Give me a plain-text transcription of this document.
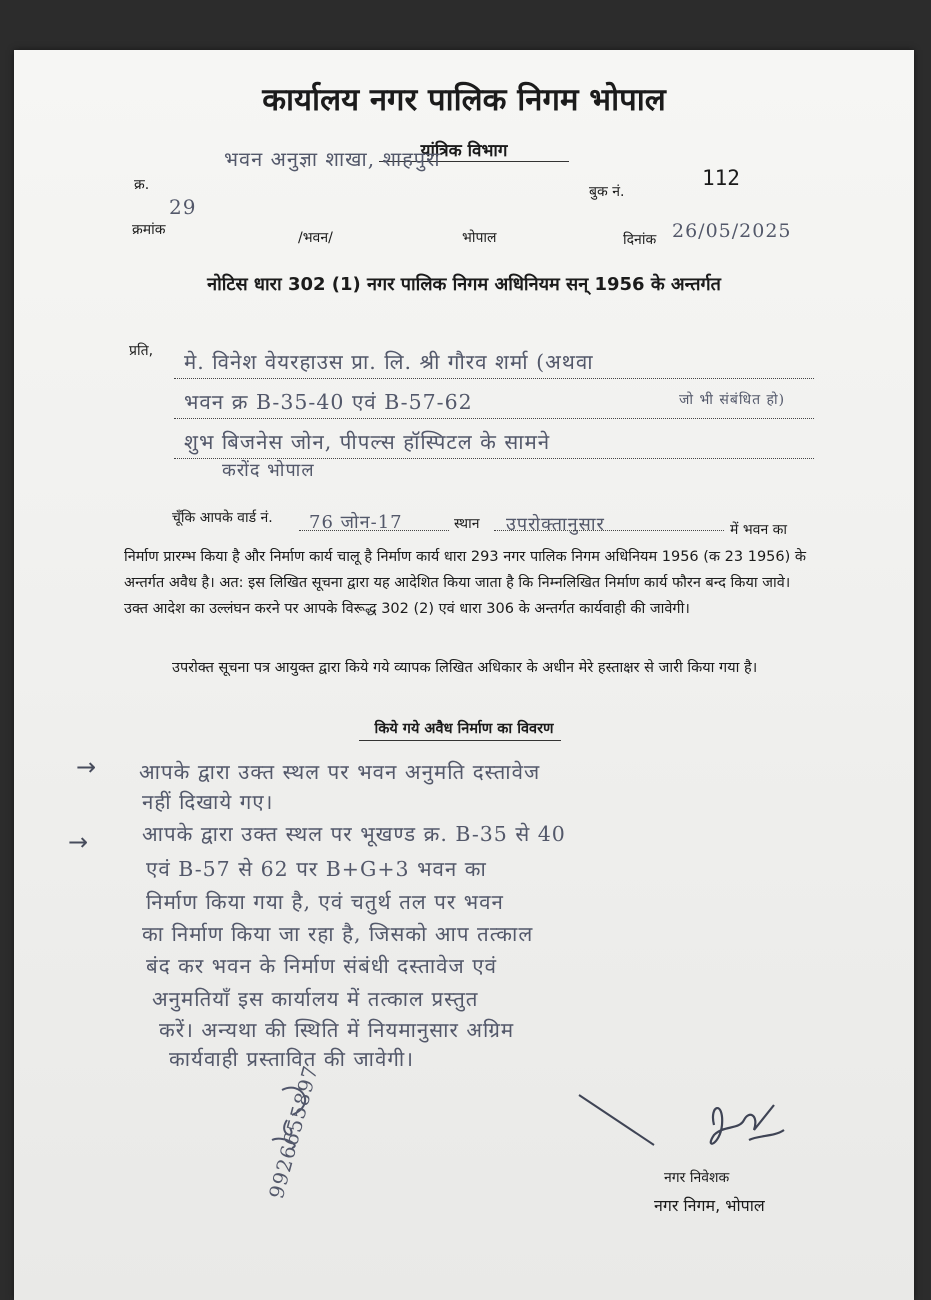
कार्यालय नगर पालिक निगम भोपाल
यांत्रिक विभाग
भवन अनुज्ञा शाखा, शाहपुरा
क्र.
29
बुक नं.
112
क्रमांक	/भवन/	भोपाल	दिनांक 26/05/2025
नोटिस धारा 302 (1) नगर पालिक निगम अधिनियम सन् 1956 के अन्तर्गत
प्रति, मे. विनेश वेयरहाउस प्रा. लि. श्री गौरव शर्मा (अथवा
भवन क्र B-35-40 एवं B-57-62	जो भी संबंधित हो)
शुभ बिजनेस जोन, पीपल्स हॉस्पिटल के सामने
करोंद भोपाल
चूँकि आपके वार्ड नं. 76 जोन-17	स्थान उपरोक्तानुसार	में भवन का
निर्माण प्रारम्भ किया है और निर्माण कार्य चालू है निर्माण कार्य धारा 293 नगर पालिक निगम अधिनियम 1956 (क 23 1956) के अन्तर्गत अवैध है। अत: इस लिखित सूचना द्वारा यह आदेशित किया जाता है कि निम्नलिखित निर्माण कार्य फौरन बन्द किया जावे। उक्त आदेश का उल्लंघन करने पर आपके विरूद्ध 302 (2) एवं धारा 306 के अन्तर्गत कार्यवाही की जावेगी।
उपरोक्त सूचना पत्र आयुक्त द्वारा किये गये व्यापक लिखित अधिकार के अधीन मेरे हस्ताक्षर से जारी किया गया है।
किये गये अवैध निर्माण का विवरण
→
→
आपके द्वारा उक्त स्थल पर भवन अनुमति दस्तावेज
नहीं दिखाये गए।
आपके द्वारा उक्त स्थल पर भूखण्ड क्र. B-35 से 40
एवं B-57 से 62 पर B+G+3 भवन का
निर्माण किया गया है, एवं चतुर्थ तल पर भवन
का निर्माण किया जा रहा है, जिसको आप तत्काल
बंद कर भवन के निर्माण संबंधी दस्तावेज एवं
अनुमतियाँ इस कार्यालय में तत्काल प्रस्तुत
करें। अन्यथा की स्थिति में नियमानुसार अग्रिम
कार्यवाही प्रस्तावित की जावेगी।
9926655897	नगर निवेशक
नगर निगम, भोपाल
